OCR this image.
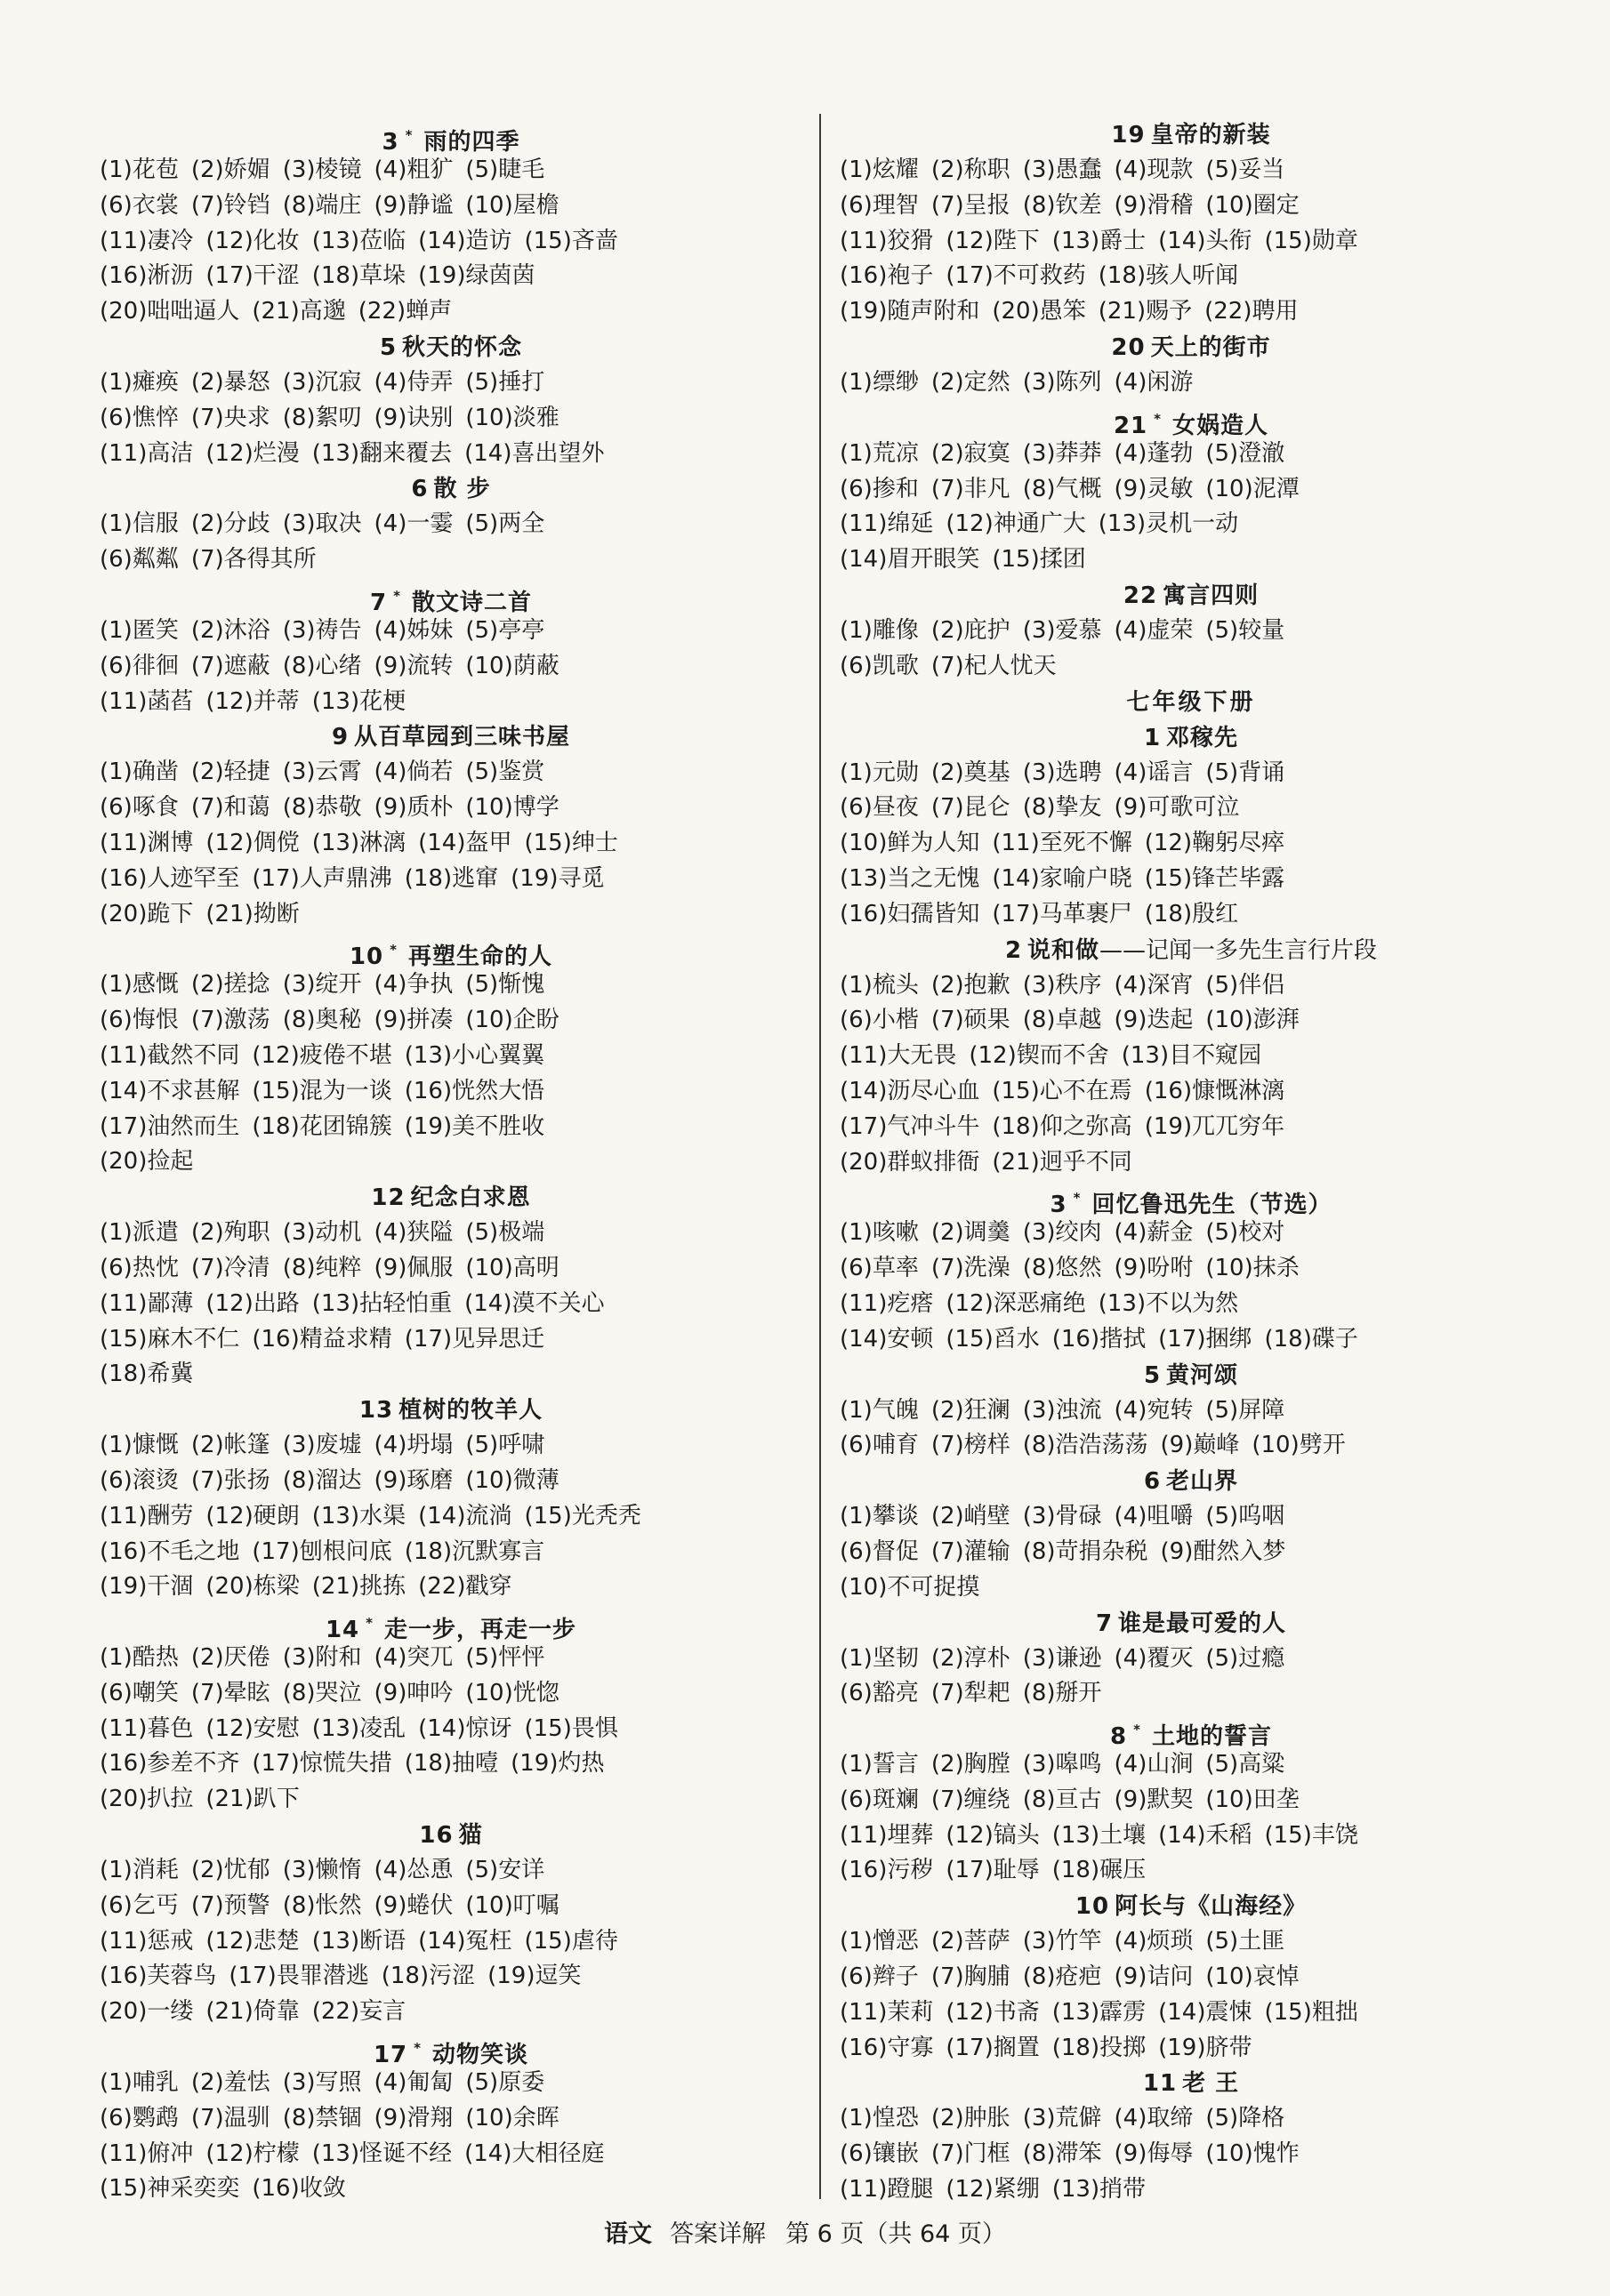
3 * 雨的四季
(1)花苞 (2)娇媚 (3)棱镜 (4)粗犷 (5)睫毛
(6)衣裳 (7)铃铛 (8)端庄 (9)静谧 (10)屋檐
(11)凄冷 (12)化妆 (13)莅临 (14)造访 (15)吝啬
(16)淅沥 (17)干涩 (18)草垛 (19)绿茵茵
(20)咄咄逼人 (21)高邈 (22)蝉声
5 秋天的怀念
(1)瘫痪 (2)暴怒 (3)沉寂 (4)侍弄 (5)捶打
(6)憔悴 (7)央求 (8)絮叨 (9)诀别 (10)淡雅
(11)高洁 (12)烂漫 (13)翻来覆去 (14)喜出望外
6 散 步
(1)信服 (2)分歧 (3)取决 (4)一霎 (5)两全
(6)粼粼 (7)各得其所
7 * 散文诗二首
(1)匿笑 (2)沐浴 (3)祷告 (4)姊妹 (5)亭亭
(6)徘徊 (7)遮蔽 (8)心绪 (9)流转 (10)荫蔽
(11)菡萏 (12)并蒂 (13)花梗
9 从百草园到三味书屋
(1)确凿 (2)轻捷 (3)云霄 (4)倘若 (5)鉴赏
(6)啄食 (7)和蔼 (8)恭敬 (9)质朴 (10)博学
(11)渊博 (12)倜傥 (13)淋漓 (14)盔甲 (15)绅士
(16)人迹罕至 (17)人声鼎沸 (18)逃窜 (19)寻觅
(20)跪下 (21)拗断
10 * 再塑生命的人
(1)感慨 (2)搓捻 (3)绽开 (4)争执 (5)惭愧
(6)悔恨 (7)激荡 (8)奥秘 (9)拼凑 (10)企盼
(11)截然不同 (12)疲倦不堪 (13)小心翼翼
(14)不求甚解 (15)混为一谈 (16)恍然大悟
(17)油然而生 (18)花团锦簇 (19)美不胜收
(20)捡起
12 纪念白求恩
(1)派遣 (2)殉职 (3)动机 (4)狭隘 (5)极端
(6)热忱 (7)冷清 (8)纯粹 (9)佩服 (10)高明
(11)鄙薄 (12)出路 (13)拈轻怕重 (14)漠不关心
(15)麻木不仁 (16)精益求精 (17)见异思迁
(18)希冀
13 植树的牧羊人
(1)慷慨 (2)帐篷 (3)废墟 (4)坍塌 (5)呼啸
(6)滚烫 (7)张扬 (8)溜达 (9)琢磨 (10)微薄
(11)酬劳 (12)硬朗 (13)水渠 (14)流淌 (15)光秃秃
(16)不毛之地 (17)刨根问底 (18)沉默寡言
(19)干涸 (20)栋梁 (21)挑拣 (22)戳穿
14 * 走一步，再走一步
(1)酷热 (2)厌倦 (3)附和 (4)突兀 (5)怦怦
(6)嘲笑 (7)晕眩 (8)哭泣 (9)呻吟 (10)恍惚
(11)暮色 (12)安慰 (13)凌乱 (14)惊讶 (15)畏惧
(16)参差不齐 (17)惊慌失措 (18)抽噎 (19)灼热
(20)扒拉 (21)趴下
16 猫
(1)消耗 (2)忧郁 (3)懒惰 (4)怂恿 (5)安详
(6)乞丐 (7)预警 (8)怅然 (9)蜷伏 (10)叮嘱
(11)惩戒 (12)悲楚 (13)断语 (14)冤枉 (15)虐待
(16)芙蓉鸟 (17)畏罪潜逃 (18)污涩 (19)逗笑
(20)一缕 (21)倚靠 (22)妄言
17 * 动物笑谈
(1)哺乳 (2)羞怯 (3)写照 (4)匍匐 (5)原委
(6)鹦鹉 (7)温驯 (8)禁锢 (9)滑翔 (10)余晖
(11)俯冲 (12)柠檬 (13)怪诞不经 (14)大相径庭
(15)神采奕奕 (16)收敛
19 皇帝的新装
(1)炫耀 (2)称职 (3)愚蠢 (4)现款 (5)妥当
(6)理智 (7)呈报 (8)钦差 (9)滑稽 (10)圈定
(11)狡猾 (12)陛下 (13)爵士 (14)头衔 (15)勋章
(16)袍子 (17)不可救药 (18)骇人听闻
(19)随声附和 (20)愚笨 (21)赐予 (22)聘用
20 天上的街市
(1)缥缈 (2)定然 (3)陈列 (4)闲游
21 * 女娲造人
(1)荒凉 (2)寂寞 (3)莽莽 (4)蓬勃 (5)澄澈
(6)掺和 (7)非凡 (8)气概 (9)灵敏 (10)泥潭
(11)绵延 (12)神通广大 (13)灵机一动
(14)眉开眼笑 (15)揉团
22 寓言四则
(1)雕像 (2)庇护 (3)爱慕 (4)虚荣 (5)较量
(6)凯歌 (7)杞人忧天
七年级下册
1 邓稼先
(1)元勋 (2)奠基 (3)选聘 (4)谣言 (5)背诵
(6)昼夜 (7)昆仑 (8)挚友 (9)可歌可泣
(10)鲜为人知 (11)至死不懈 (12)鞠躬尽瘁
(13)当之无愧 (14)家喻户晓 (15)锋芒毕露
(16)妇孺皆知 (17)马革裹尸 (18)殷红
2 说和做——记闻一多先生言行片段
(1)梳头 (2)抱歉 (3)秩序 (4)深宵 (5)伴侣
(6)小楷 (7)硕果 (8)卓越 (9)迭起 (10)澎湃
(11)大无畏 (12)锲而不舍 (13)目不窥园
(14)沥尽心血 (15)心不在焉 (16)慷慨淋漓
(17)气冲斗牛 (18)仰之弥高 (19)兀兀穷年
(20)群蚁排衙 (21)迥乎不同
3 * 回忆鲁迅先生（节选）
(1)咳嗽 (2)调羹 (3)绞肉 (4)薪金 (5)校对
(6)草率 (7)洗澡 (8)悠然 (9)吩咐 (10)抹杀
(11)疙瘩 (12)深恶痛绝 (13)不以为然
(14)安顿 (15)舀水 (16)揩拭 (17)捆绑 (18)碟子
5 黄河颂
(1)气魄 (2)狂澜 (3)浊流 (4)宛转 (5)屏障
(6)哺育 (7)榜样 (8)浩浩荡荡 (9)巅峰 (10)劈开
6 老山界
(1)攀谈 (2)峭壁 (3)骨碌 (4)咀嚼 (5)呜咽
(6)督促 (7)灌输 (8)苛捐杂税 (9)酣然入梦
(10)不可捉摸
7 谁是最可爱的人
(1)坚韧 (2)淳朴 (3)谦逊 (4)覆灭 (5)过瘾
(6)豁亮 (7)犁耙 (8)掰开
8 * 土地的誓言
(1)誓言 (2)胸膛 (3)嗥鸣 (4)山涧 (5)高粱
(6)斑斓 (7)缠绕 (8)亘古 (9)默契 (10)田垄
(11)埋葬 (12)镐头 (13)土壤 (14)禾稻 (15)丰饶
(16)污秽 (17)耻辱 (18)碾压
10 阿长与《山海经》
(1)憎恶 (2)菩萨 (3)竹竿 (4)烦琐 (5)土匪
(6)辫子 (7)胸脯 (8)疮疤 (9)诘问 (10)哀悼
(11)茉莉 (12)书斋 (13)霹雳 (14)震悚 (15)粗拙
(16)守寡 (17)搁置 (18)投掷 (19)脐带
11 老 王
(1)惶恐 (2)肿胀 (3)荒僻 (4)取缔 (5)降格
(6)镶嵌 (7)门框 (8)滞笨 (9)侮辱 (10)愧怍
(11)蹬腿 (12)紧绷 (13)捎带
语文 答案详解 第 6 页（共 64 页）
